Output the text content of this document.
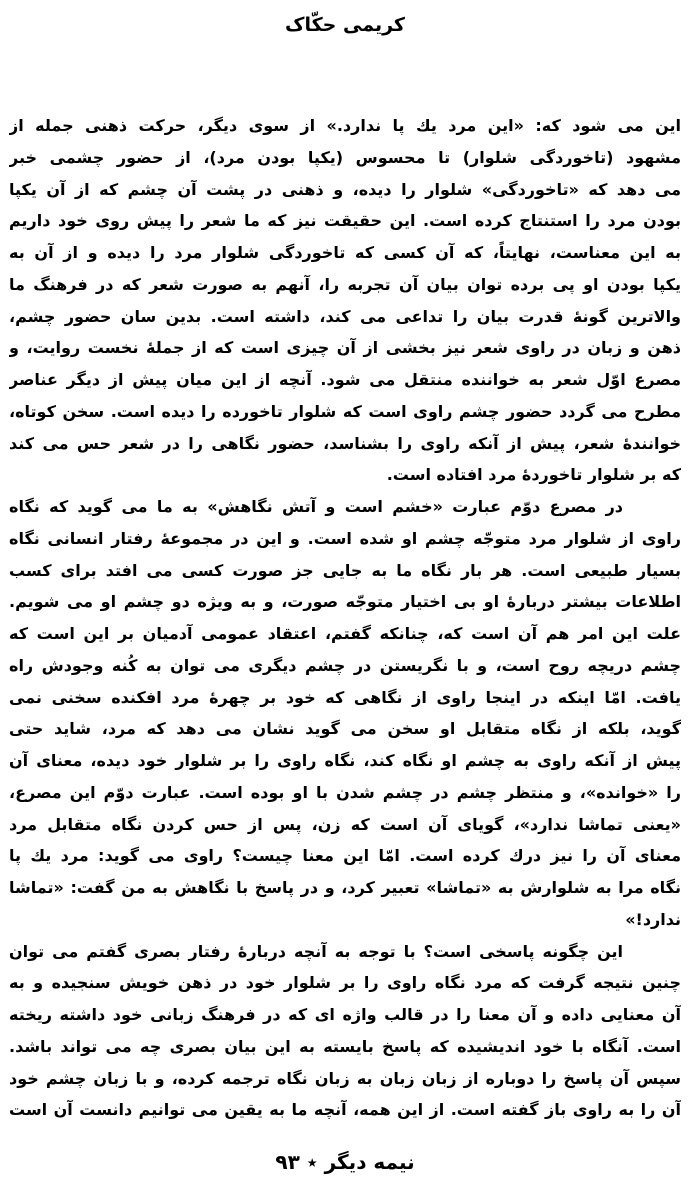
کریمی حکّاک
این می شود که: «این مرد یك پا ندارد.» از سوی دیگر، حرکت ذهنی جمله از
مشهود (تاخوردگی شلوار) تا محسوس (یکپا بودن مرد)، از حضور چشمی خبر
می دهد که «تاخوردگی» شلوار را دیده، و ذهنی در پشت آن چشم که از آن یکپا
بودن مرد را استنتاج کرده است. این حقیقت نیز که ما شعر را پیش روی خود داریم
به این معناست، نهایتاً، که آن کسی که تاخوردگی شلوار مرد را دیده و از آن به
یکپا بودن او پی برده توان بیان آن تجربه را، آنهم به صورت شعر که در فرهنگ ما
والاترین گونهٔ قدرت بیان را تداعی می کند، داشته است. بدین سان حضور چشم،
ذهن و زبان در راوی شعر نیز بخشی از آن چیزی است که از جملهٔ نخست روایت، و
مصرع اوّل شعر به خواننده منتقل می شود. آنچه از این میان پیش از دیگر عناصر
مطرح می گردد حضور چشم راوی است که شلوار تاخورده را دیده است. سخن کوتاه،
خوانندهٔ شعر، پیش از آنکه راوی را بشناسد، حضور نگاهی را در شعر حس می کند
که بر شلوار تاخوردهٔ مرد افتاده است.
در مصرع دوّم عبارت «خشم است و آتش نگاهش» به ما می گوید که نگاه
راوی از شلوار مرد متوجّه چشم او شده است. و این در مجموعهٔ رفتار انسانی نگاه
بسیار طبیعی است. هر بار نگاه ما به جایی جز صورت کسی می افتد برای کسب
اطلاعات بیشتر دربارهٔ او بی اختیار متوجّه صورت، و به ویژه دو چشم او می شویم.
علت این امر هم آن است که، چنانکه گفتم، اعتقاد عمومی آدمیان بر این است که
چشم دریچه روح است، و با نگریستن در چشم دیگری می توان به کُنه وجودش راه
یافت. امّا اینکه در اینجا راوی از نگاهی که خود بر چهرهٔ مرد افکنده سخنی نمی
گوید، بلکه از نگاه متقابل او سخن می گوید نشان می دهد که مرد، شاید حتی
پیش از آنکه راوی به چشم او نگاه کند، نگاه راوی را بر شلوار خود دیده، معنای آن
را «خوانده»، و منتظر چشم در چشم شدن با او بوده است. عبارت دوّم این مصرع،
«یعنی تماشا ندارد»، گویای آن است که زن، پس از حس کردن نگاه متقابل مرد
معنای آن را نیز درك کرده است. امّا این معنا چیست؟ راوی می گوید: مرد یك پا
نگاه مرا به شلوارش به «تماشا» تعبیر کرد، و در پاسخ با نگاهش به من گفت: «تماشا
ندارد!»
این چگونه پاسخی است؟ با توجه به آنچه دربارهٔ رفتار بصری گفتم می توان
چنین نتیجه گرفت که مرد نگاه راوی را بر شلوار خود در ذهن خویش سنجیده و به
آن معنایی داده و آن معنا را در قالب واژه ای که در فرهنگ زبانی خود داشته ریخته
است. آنگاه با خود اندیشیده که پاسخ بایسته به این بیان بصری چه می تواند باشد.
سپس آن پاسخ را دوباره از زبان زبان به زبان نگاه ترجمه کرده، و با زبان چشم خود
آن را به راوی باز گفته است. از این همه، آنچه ما به یقین می توانیم دانست آن است
نیمه دیگر ٭ ۹۳
